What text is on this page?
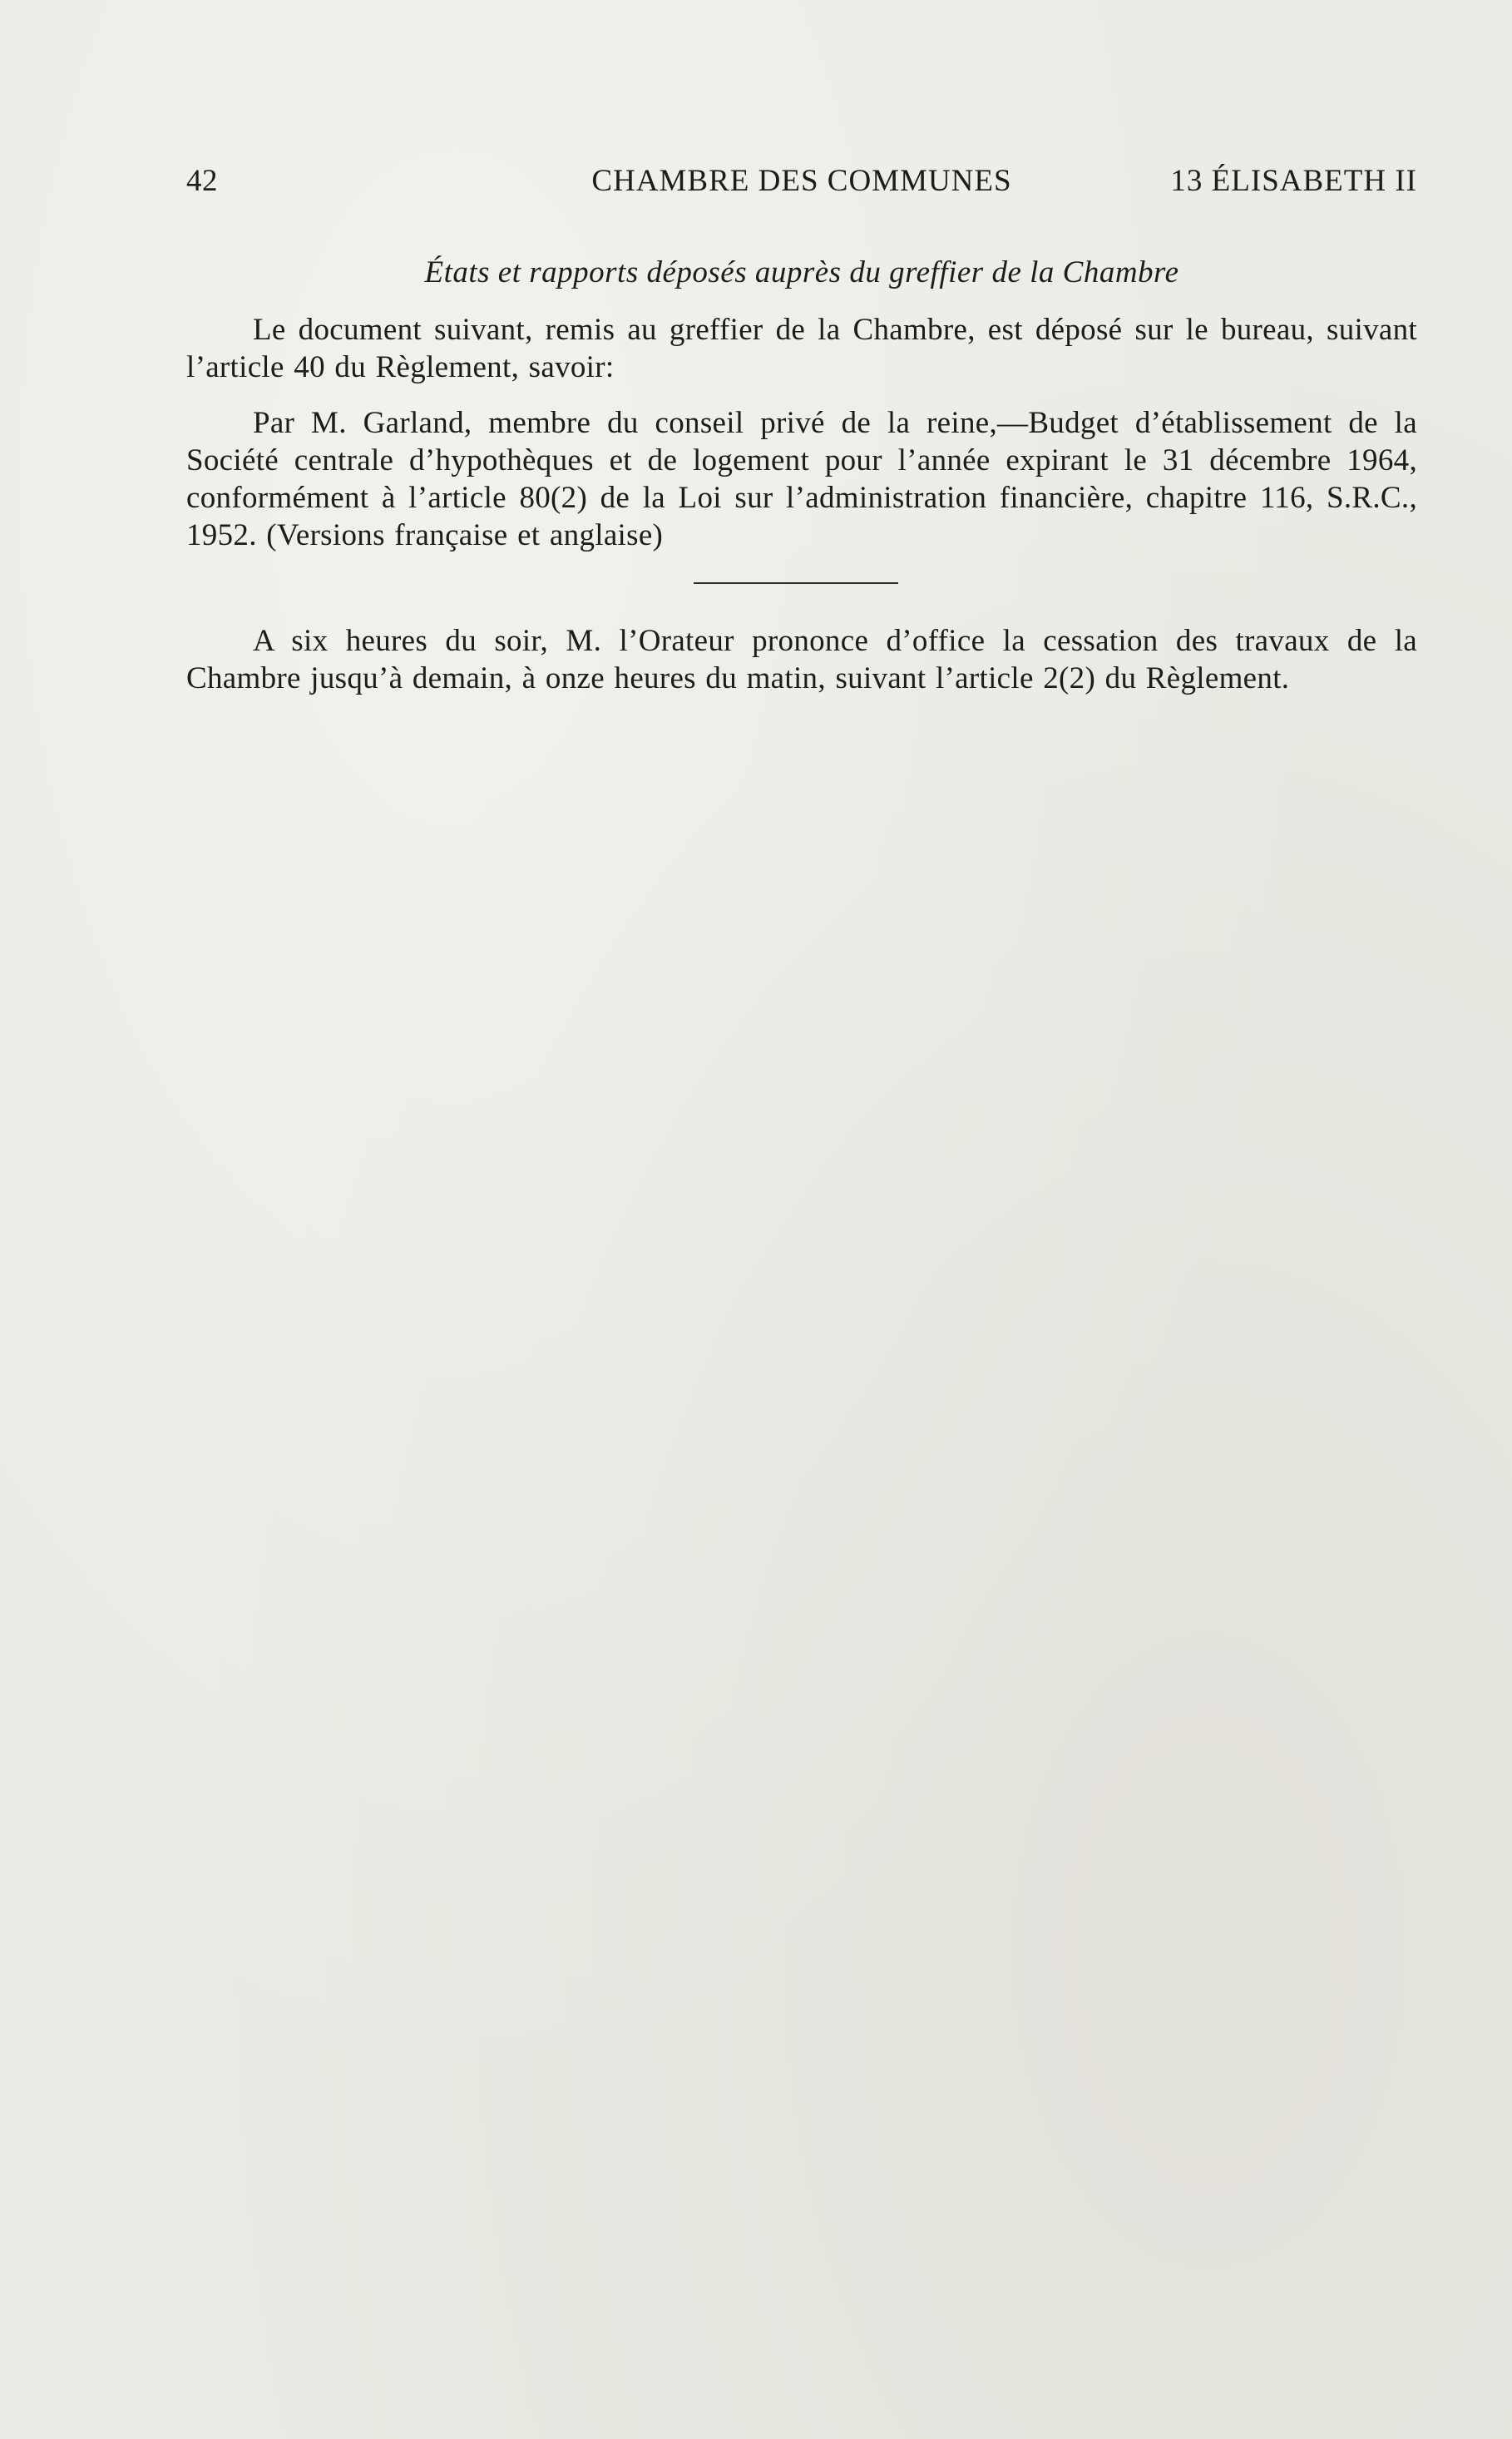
42	CHAMBRE DES COMMUNES	13 ÉLISABETH II
États et rapports déposés auprès du greffier de la Chambre

Le document suivant, remis au greffier de la Chambre, est déposé sur le bureau, suivant l’article 40 du Règlement, savoir:

Par M. Garland, membre du conseil privé de la reine,—Budget d’établissement de la Société centrale d’hypothèques et de logement pour l’année expirant le 31 décembre 1964, conformément à l’article 80(2) de la Loi sur l’administration financière, chapitre 116, S.R.C., 1952. (Versions française et anglaise)

A six heures du soir, M. l’Orateur prononce d’office la cessation des travaux de la Chambre jusqu’à demain, à onze heures du matin, suivant l’article 2(2) du Règlement.
